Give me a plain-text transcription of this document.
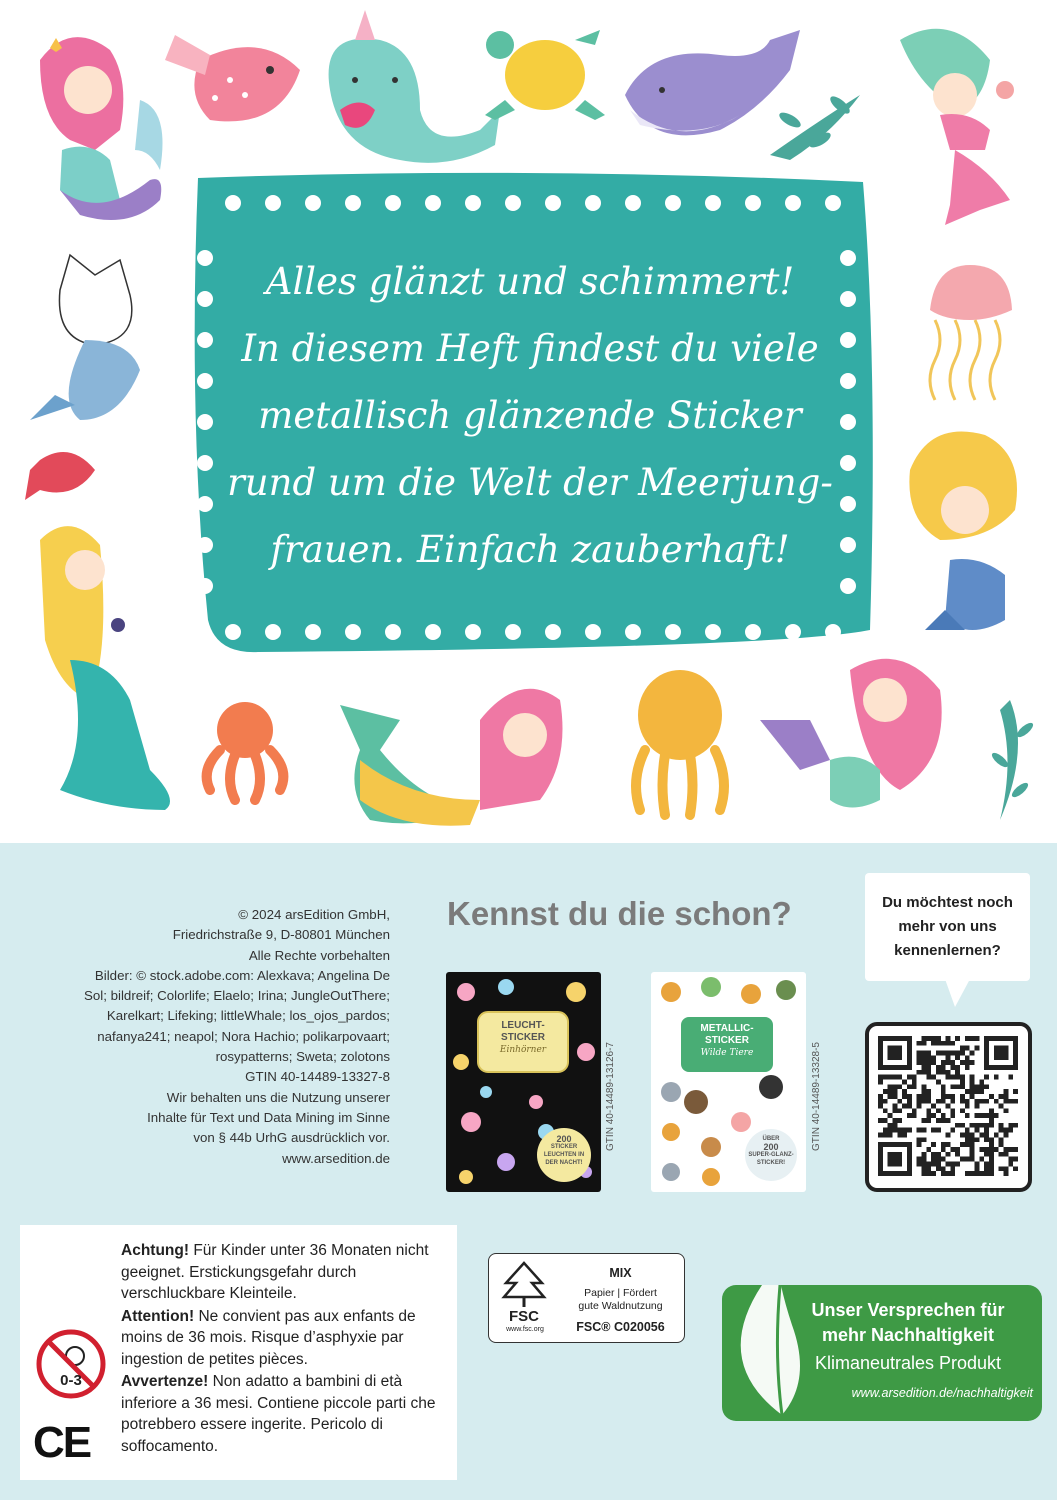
Alles glänzt und schimmert!
In diesem Heft findest du viele
metallisch glänzende Sticker
rund um die Welt der Meerjung-
frauen. Einfach zauberhaft!
© 2024 arsEdition GmbH,
Friedrichstraße 9, D-80801 München
Alle Rechte vorbehalten
Bilder: © stock.adobe.com: Alexkava; Angelina De
Sol; bildreif; Colorlife; Elaelo; Irina; JungleOutThere;
Karelkart; Lifeking; littleWhale; los_ojos_pardos;
nafanya241; neapol; Nora Hachio; polikarpovaart;
rosypatterns; Sweta; zolotons
GTIN 40-14489-13327-8
Wir behalten uns die Nutzung unserer
Inhalte für Text und Data Mining im Sinne
von § 44b UrhG ausdrücklich vor.
www.arsedition.de
Kennst du die schon?
LEUCHT-
STICKER
Einhörner
200
STICKER
LEUCHTEN IN
DER NACHT!
GTIN 40-14489-13126-7
METALLIC-
STICKER
Wilde Tiere
ÜBER
200
SUPER-GLANZ-
STICKER!
GTIN 40-14489-13328-5
Du möchtest noch
mehr von uns
kennenlernen?
0-3
CE

Achtung! Für Kinder unter 36 Monaten nicht geeignet. Erstickungsgefahr durch verschluckbare Kleinteile.

Attention! Ne convient pas aux enfants de moins de 36 mois. Risque d’asphyxie par ingestion de petites pièces.

Avvertenze! Non adatto a bambini di età inferiore a 36 mesi. Contiene piccole parti che potrebbero essere ingerite. Pericolo di soffocamento.

FSC
www.fsc.org
MIX
Papier | Fördert
gute Waldnutzung
FSC® C020056
Unser Versprechen für
mehr Nachhaltigkeit
Klimaneutrales Produkt
www.arsedition.de/nachhaltigkeit
